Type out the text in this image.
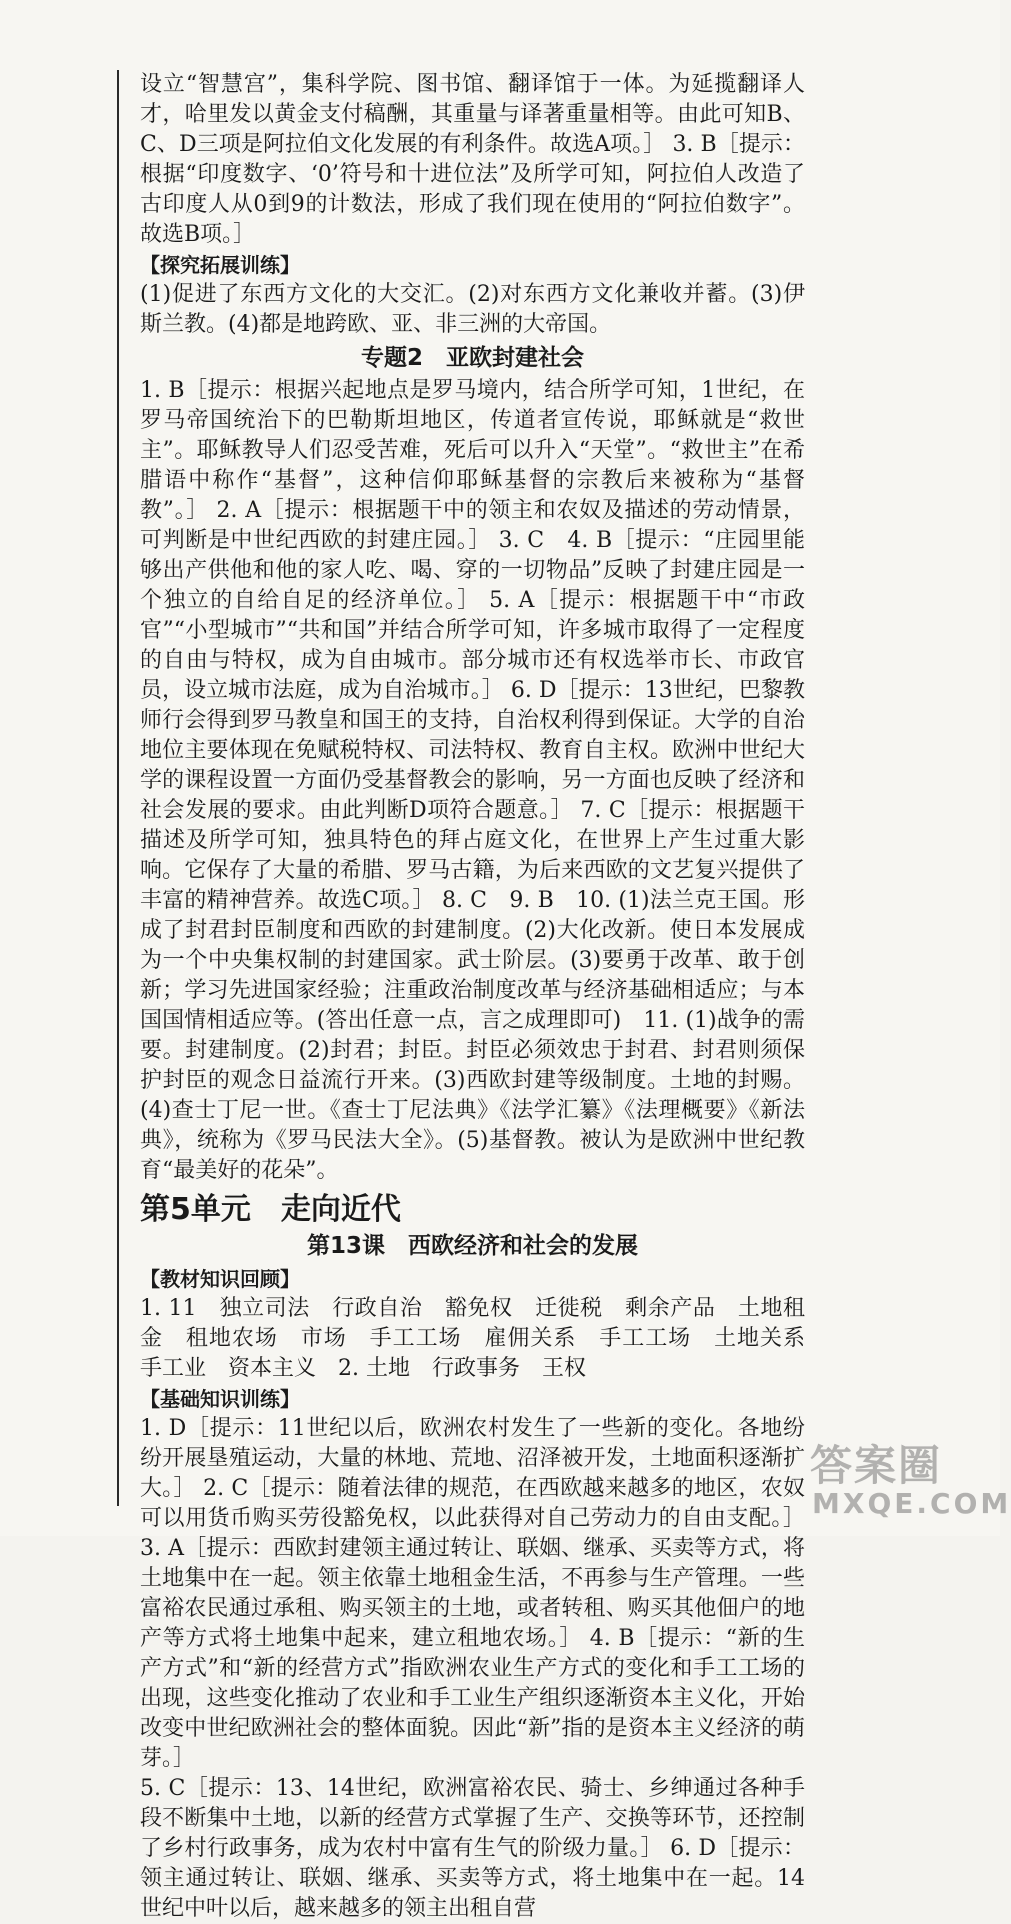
设立“智慧宫”，集科学院、图书馆、翻译馆于一体。为延揽翻译人才，哈里发以黄金支付稿酬，其重量与译著重量相等。由此可知B、C、D三项是阿拉伯文化发展的有利条件。故选A项。］ 3. B［提示：根据“印度数字、‘0’符号和十进位法”及所学可知，阿拉伯人改造了古印度人从0到9的计数法，形成了我们现在使用的“阿拉伯数字”。故选B项。］

【探究拓展训练】

(1)促进了东西方文化的大交汇。(2)对东西方文化兼收并蓄。(3)伊斯兰教。(4)都是地跨欧、亚、非三洲的大帝国。

专题2　亚欧封建社会

1. B［提示：根据兴起地点是罗马境内，结合所学可知，1世纪，在罗马帝国统治下的巴勒斯坦地区，传道者宣传说，耶稣就是“救世主”。耶稣教导人们忍受苦难，死后可以升入“天堂”。“救世主”在希腊语中称作“基督”，这种信仰耶稣基督的宗教后来被称为“基督教”。］ 2. A［提示：根据题干中的领主和农奴及描述的劳动情景，可判断是中世纪西欧的封建庄园。］ 3. C　4. B［提示：“庄园里能够出产供他和他的家人吃、喝、穿的一切物品”反映了封建庄园是一个独立的自给自足的经济单位。］ 5. A［提示：根据题干中“市政官”“小型城市”“共和国”并结合所学可知，许多城市取得了一定程度的自由与特权，成为自由城市。部分城市还有权选举市长、市政官员，设立城市法庭，成为自治城市。］ 6. D［提示：13世纪，巴黎教师行会得到罗马教皇和国王的支持，自治权利得到保证。大学的自治地位主要体现在免赋税特权、司法特权、教育自主权。欧洲中世纪大学的课程设置一方面仍受基督教会的影响，另一方面也反映了经济和社会发展的要求。由此判断D项符合题意。］ 7. C［提示：根据题干描述及所学可知，独具特色的拜占庭文化，在世界上产生过重大影响。它保存了大量的希腊、罗马古籍，为后来西欧的文艺复兴提供了丰富的精神营养。故选C项。］ 8. C　9. B　10. (1)法兰克王国。形成了封君封臣制度和西欧的封建制度。(2)大化改新。使日本发展成为一个中央集权制的封建国家。武士阶层。(3)要勇于改革、敢于创新；学习先进国家经验；注重政治制度改革与经济基础相适应；与本国国情相适应等。(答出任意一点，言之成理即可)　11. (1)战争的需要。封建制度。(2)封君；封臣。封臣必须效忠于封君、封君则须保护封臣的观念日益流行开来。(3)西欧封建等级制度。土地的封赐。(4)查士丁尼一世。《查士丁尼法典》《法学汇纂》《法理概要》《新法典》，统称为《罗马民法大全》。(5)基督教。被认为是欧洲中世纪教育“最美好的花朵”。

第5单元　走向近代
第13课　西欧经济和社会的发展
【教材知识回顾】

1. 11　独立司法　行政自治　豁免权　迁徙税　剩余产品　土地租金　租地农场　市场　手工工场　雇佣关系　手工工场　土地关系　手工业　资本主义　2. 土地　行政事务　王权

【基础知识训练】

1. D［提示：11世纪以后，欧洲农村发生了一些新的变化。各地纷纷开展垦殖运动，大量的林地、荒地、沼泽被开发，土地面积逐渐扩大。］ 2. C［提示：随着法律的规范，在西欧越来越多的地区，农奴可以用货币购买劳役豁免权，以此获得对自己劳动力的自由支配。］ 3. A［提示：西欧封建领主通过转让、联姻、继承、买卖等方式，将土地集中在一起。领主依靠土地租金生活，不再参与生产管理。一些富裕农民通过承租、购买领主的土地，或者转租、购买其他佃户的地产等方式将土地集中起来，建立租地农场。］ 4. B［提示：“新的生产方式”和“新的经营方式”指欧洲农业生产方式的变化和手工工场的出现，这些变化推动了农业和手工业生产组织逐渐资本主义化，开始改变中世纪欧洲社会的整体面貌。因此“新”指的是资本主义经济的萌芽。］

5. C［提示：13、14世纪，欧洲富裕农民、骑士、乡绅通过各种手段不断集中土地，以新的经营方式掌握了生产、交换等环节，还控制了乡村行政事务，成为农村中富有生气的阶级力量。］ 6. D［提示：领主通过转让、联姻、继承、买卖等方式，将土地集中在一起。14世纪中叶以后，越来越多的领主出租自营

答案圈
MXQE.COM
